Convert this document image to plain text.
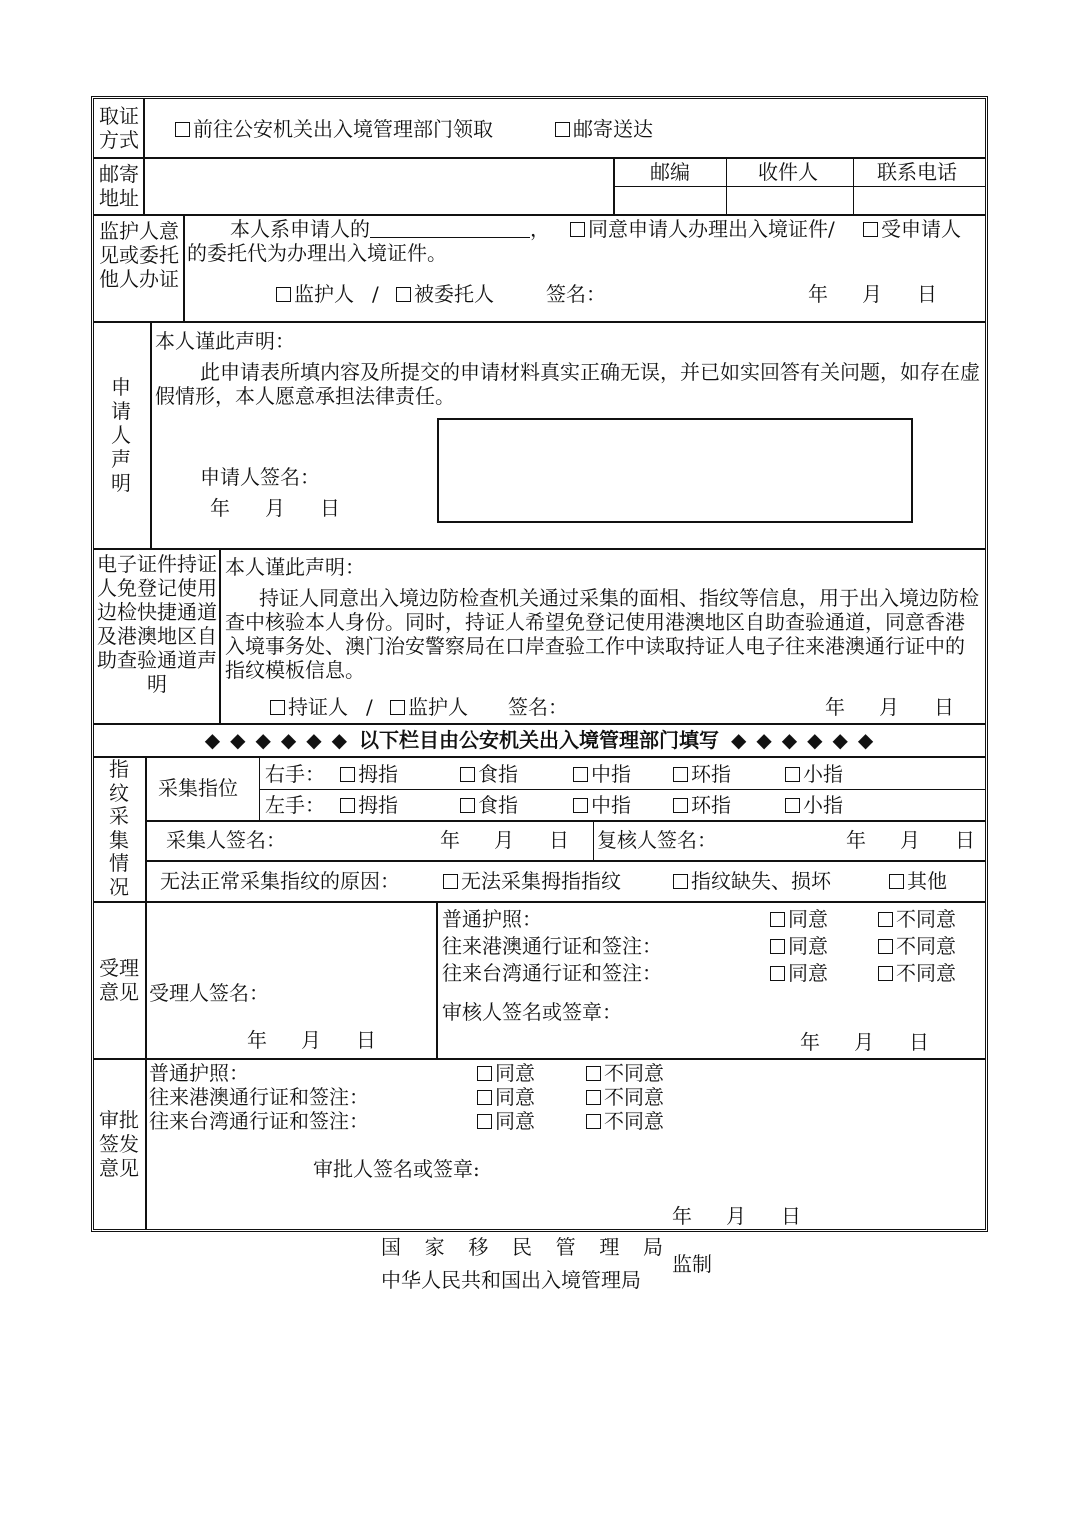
取证方式	前往公安机关出入境管理部门领取	邮寄送达
邮寄地址
邮编	收件人	联系电话
监护人意见或委托他人办证
本人系申请人的	，	同意申请人办理出入境证件/	受申请人
的委托代为办理出入境证件。
监护人 /	被委托人	签名：	年 月 日
申请人声明
本人谨此声明：
此申请表所填内容及所提交的申请材料真实正确无误，并已如实回答有关问题，如存在虚假情形，本人愿意承担法律责任。
申请人签名：
年 月 日
电子证件持证人免登记使用边检快捷通道及港澳地区自助查验通道声明
本人谨此声明：
持证人同意出入境边防检查机关通过采集的面相、指纹等信息，用于出入境边防检查中核验本人身份。同时，持证人希望免登记使用港澳地区自助查验通道，同意香港入境事务处、澳门治安警察局在口岸查验工作中读取持证人电子往来港澳通行证中的指纹模板信息。
持证人 /	监护人 签名：	年 月 日
◆ ◆ ◆ ◆ ◆ ◆ 以下栏目由公安机关出入境管理部门填写 ◆ ◆ ◆ ◆ ◆ ◆
指纹采集情况
采集指位
右手：	拇指	食指	中指	环指	小指
左手：	拇指	食指	中指	环指	小指
采集人签名：	年 月 日 复核人签名：	年 月 日
无法正常采集指纹的原因：	无法采集拇指指纹	指纹缺失、损坏	其他
受理意见 受理人签名：
年 月 日
普通护照：	同意	不同意
往来港澳通行证和签注：	同意	不同意
往来台湾通行证和签注：	同意	不同意
审核人签名或签章：
年 月 日
审批签发意见
普通护照：	同意	不同意
往来港澳通行证和签注：	同意	不同意
往来台湾通行证和签注：	同意	不同意
审批人签名或签章:
年 月 日
国家移民管理局
中华人民共和国出入境管理局
监制
